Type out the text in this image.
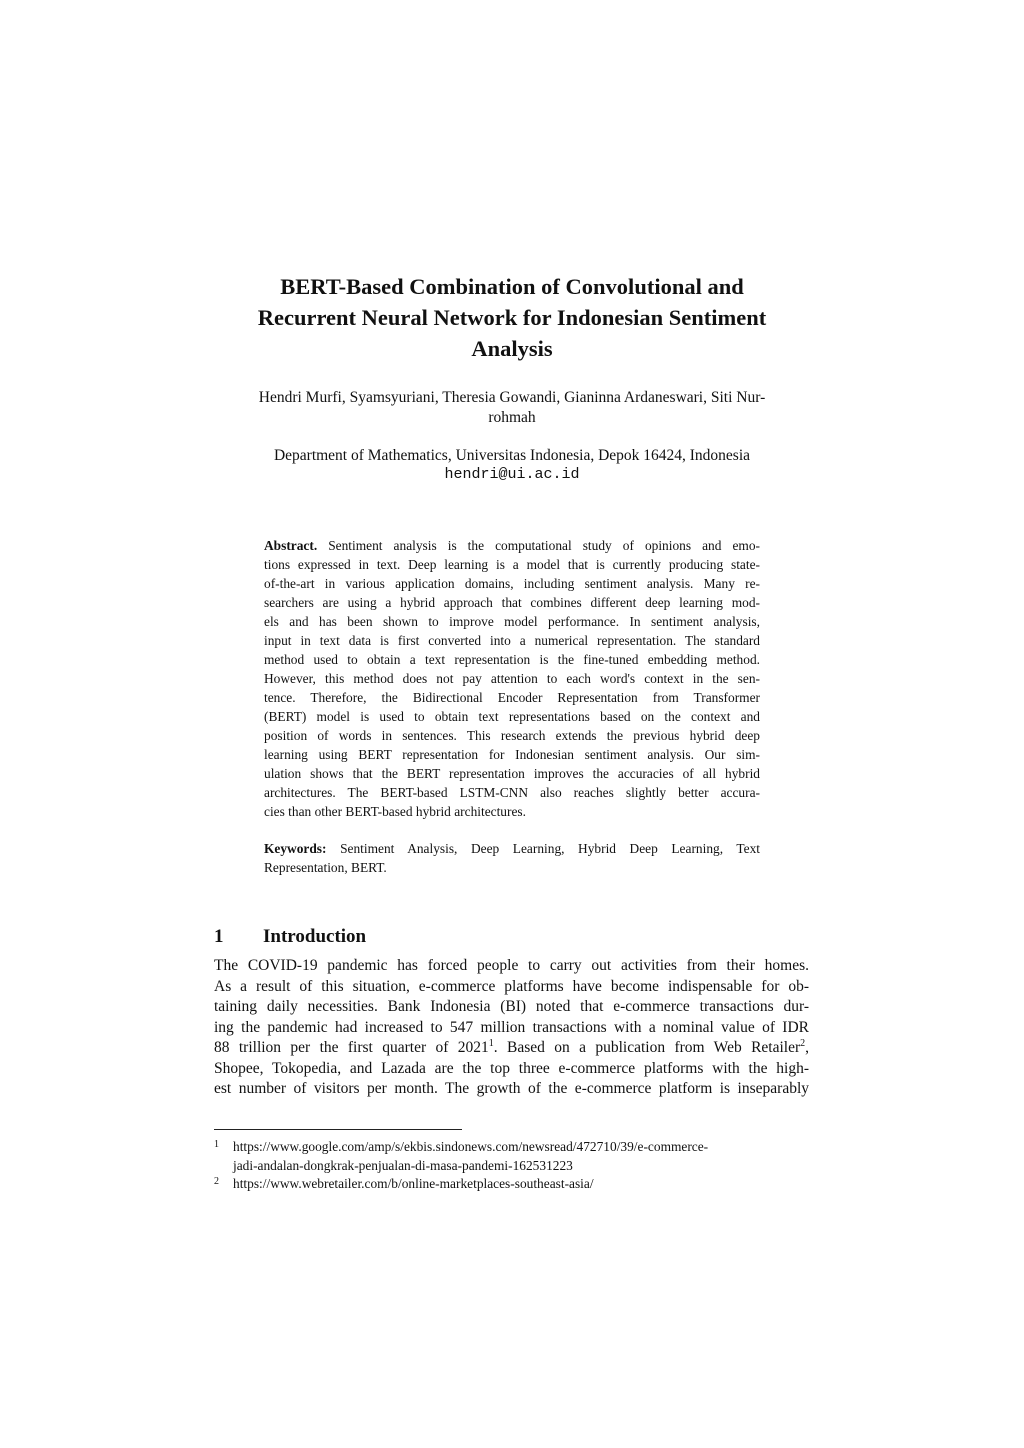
BERT-Based Combination of Convolutional and
Recurrent Neural Network for Indonesian Sentiment
Analysis
Hendri Murfi, Syamsyuriani, Theresia Gowandi, Gianinna Ardaneswari, Siti Nur-
rohmah
Department of Mathematics, Universitas Indonesia, Depok 16424, Indonesia
hendri@ui.ac.id
Abstract. Sentiment analysis is the computational study of opinions and emo-
tions expressed in text. Deep learning is a model that is currently producing state-
of-the-art in various application domains, including sentiment analysis. Many re-
searchers are using a hybrid approach that combines different deep learning mod-
els and has been shown to improve model performance. In sentiment analysis,
input in text data is first converted into a numerical representation. The standard
method used to obtain a text representation is the fine-tuned embedding method.
However, this method does not pay attention to each word's context in the sen-
tence. Therefore, the Bidirectional Encoder Representation from Transformer
(BERT) model is used to obtain text representations based on the context and
position of words in sentences. This research extends the previous hybrid deep
learning using BERT representation for Indonesian sentiment analysis. Our sim-
ulation shows that the BERT representation improves the accuracies of all hybrid
architectures. The BERT-based LSTM-CNN also reaches slightly better accura-
cies than other BERT-based hybrid architectures.
Keywords: Sentiment Analysis, Deep Learning, Hybrid Deep Learning, Text
Representation, BERT.
1 Introduction
The COVID-19 pandemic has forced people to carry out activities from their homes.
As a result of this situation, e-commerce platforms have become indispensable for ob-
taining daily necessities. Bank Indonesia (BI) noted that e-commerce transactions dur-
ing the pandemic had increased to 547 million transactions with a nominal value of IDR
88 trillion per the first quarter of 2021$^1$. Based on a publication from Web Retailer$^2$,
Shopee, Tokopedia, and Lazada are the top three e-commerce platforms with the high-
est number of visitors per month. The growth of the e-commerce platform is inseparably
1 https://www.google.com/amp/s/ekbis.sindonews.com/newsread/472710/39/e-commerce-
jadi-andalan-dongkrak-penjualan-di-masa-pandemi-162531223
2 https://www.webretailer.com/b/online-marketplaces-southeast-asia/
